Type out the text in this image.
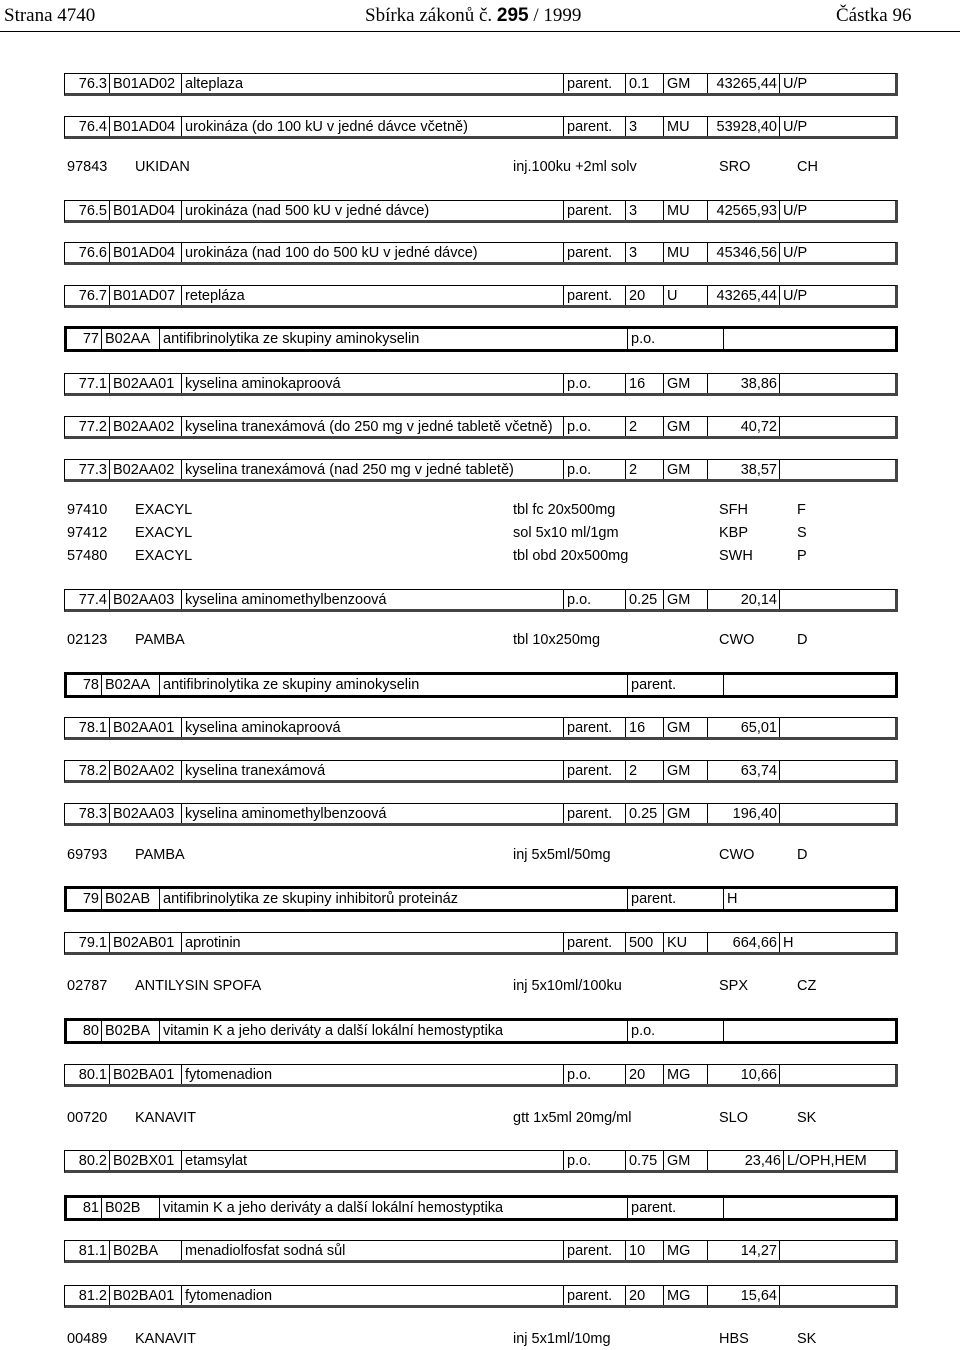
Strana 4740	Sbírka zákonů č. 295 / 1999	Částka 96
76.3 B01AD02 alteplaza	parent.	0.1	GM	43265,44 U/P
76.4 B01AD04 urokináza (do 100 kU v jedné dávce včetně)	parent.	3	MU	53928,40 U/P
97843 UKIDAN	inj.100ku +2ml solv	SRO	CH
76.5 B01AD04 urokináza (nad 500 kU v jedné dávce)	parent.	3	MU	42565,93 U/P
76.6 B01AD04 urokináza (nad 100 do 500 kU v jedné dávce)	parent.	3	MU	45346,56 U/P
76.7 B01AD07 reteplázа	parent.	20	U	43265,44 U/P
77 B02AA antifibrinolytika ze skupiny aminokyselin	p.o.
77.1 B02AA01 kyselina aminokaproová	p.o.	16	GM	38,86
77.2 B02AA02 kyselina tranexámová (do 250 mg v jedné tabletě včetně) p.o.	2	GM	40,72
77.3 B02AA02 kyselina tranexámová (nad 250 mg v jedné tabletě)	p.o.	2	GM	38,57
97410 EXACYL	tbl fc 20x500mg	SFH	F
97412 EXACYL	sol 5x10 ml/1gm	KBP	S
57480 EXACYL	tbl obd 20x500mg	SWH	P
77.4 B02AA03 kyselina aminomethylbenzoová	p.o.	0.25 GM	20,14
02123 PAMBA	tbl 10x250mg	CWO	D
78 B02AA antifibrinolytika ze skupiny aminokyselin	parent.
78.1 B02AA01 kyselina aminokaproová	parent.	16	GM	65,01
78.2 B02AA02 kyselina tranexámová	parent.	2	GM	63,74
78.3 B02AA03 kyselina aminomethylbenzoová	parent.	0.25 GM	196,40
69793 PAMBA	inj 5x5ml/50mg	CWO	D
79 B02AB antifibrinolytika ze skupiny inhibitorů proteináz	parent.	H
79.1 B02AB01 aprotinin	parent.	500 KU	664,66 H
02787 ANTILYSIN SPOFA	inj 5x10ml/100ku	SPX	CZ
80 B02BA vitamin K a jeho deriváty a další lokální hemostyptika	p.o.
80.1 B02BA01 fytomenadion	p.o.	20	MG	10,66
00720 KANAVIT	gtt 1x5ml 20mg/ml	SLO	SK
80.2 B02BX01 etamsylat	p.o.	0.75 GM	23,46 L/OPH,HEM
81 B02B	vitamin K a jeho deriváty a další lokální hemostyptika	parent.
81.1 B02BA	menadiolfosfat sodná sůl	parent.	10	MG	14,27
81.2 B02BA01 fytomenadion	parent.	20	MG	15,64
00489 KANAVIT	inj 5x1ml/10mg	HBS	SK
